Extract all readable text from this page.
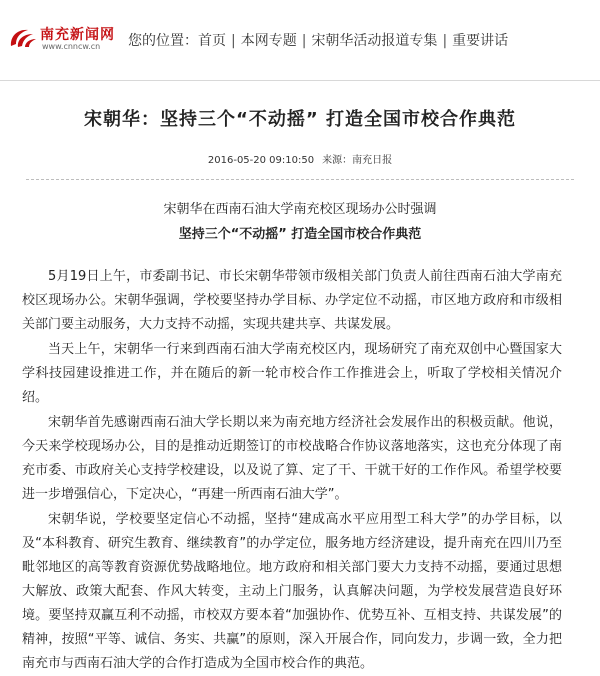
南充新闻网
www.cnncw.cn 您的位置：首页 | 本网专题 | 宋朝华活动报道专集 | 重要讲话
宋朝华：坚持三个“不动摇” 打造全国市校合作典范
2016-05-20 09:10:50 来源：南充日报
宋朝华在西南石油大学南充校区现场办公时强调
坚持三个“不动摇” 打造全国市校合作典范

5月19日上午，市委副书记、市长宋朝华带领市级相关部门负责人前往西南石油大学南充校区现场办公。宋朝华强调，学校要坚持办学目标、办学定位不动摇，市区地方政府和市级相关部门要主动服务，大力支持不动摇，实现共建共享、共谋发展。

当天上午，宋朝华一行来到西南石油大学南充校区内，现场研究了南充双创中心暨国家大学科技园建设推进工作，并在随后的新一轮市校合作工作推进会上，听取了学校相关情况介绍。

宋朝华首先感谢西南石油大学长期以来为南充地方经济社会发展作出的积极贡献。他说，今天来学校现场办公，目的是推动近期签订的市校战略合作协议落地落实，这也充分体现了南充市委、市政府关心支持学校建设，以及说了算、定了干、干就干好的工作作风。希望学校要进一步增强信心，下定决心，“再建一所西南石油大学”。

宋朝华说，学校要坚定信心不动摇，坚持“建成高水平应用型工科大学”的办学目标，以及“本科教育、研究生教育、继续教育”的办学定位，服务地方经济建设，提升南充在四川乃至毗邻地区的高等教育资源优势战略地位。地方政府和相关部门要大力支持不动摇，要通过思想大解放、政策大配套、作风大转变，主动上门服务，认真解决问题，为学校发展营造良好环境。要坚持双赢互利不动摇，市校双方要本着“加强协作、优势互补、互相支持、共谋发展”的精神，按照“平等、诚信、务实、共赢”的原则，深入开展合作，同向发力，步调一致，全力把南充市与西南石油大学的合作打造成为全国市校合作的典范。
